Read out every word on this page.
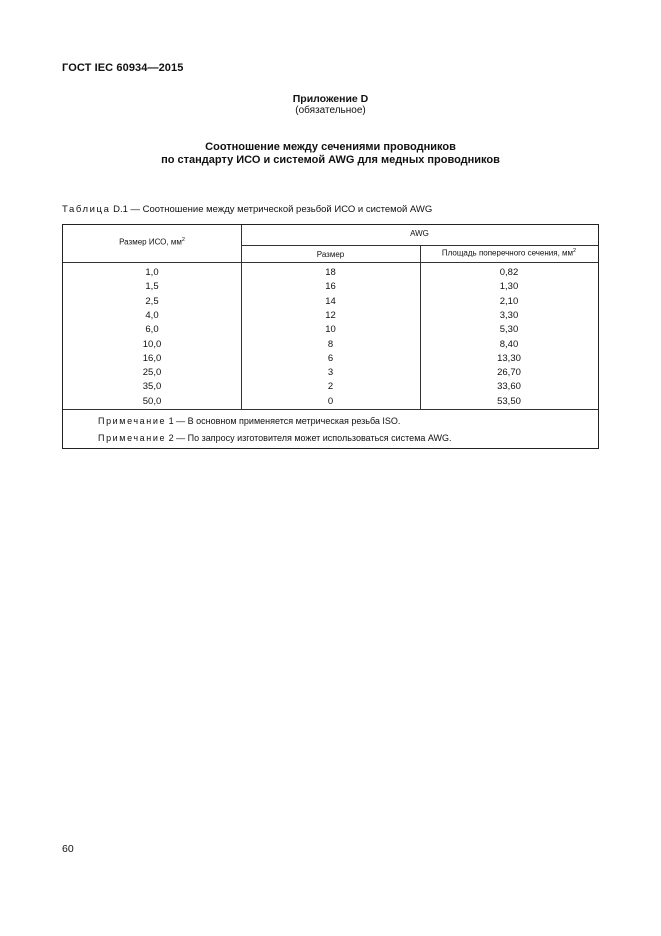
ГОСТ IEC 60934—2015
Приложение D
(обязательное)
Соотношение между сечениями проводников
по стандарту ИСО и системой AWG для медных проводников
Таблица D.1 — Соотношение между метрической резьбой ИСО и системой AWG
Размер ИСО, $мм^2$
AWG
Размер	Площадь поперечного сечения, $мм^2$
1,0	18	0,82
1,5	16	1,30
2,5	14	2,10
4,0	12	3,30
6,0	10	5,30
10,0	8	8,40
16,0	6	13,30
25,0	3	26,70
35,0	2	33,60
50,0	0	53,50
Примечание 1 — В основном применяется метрическая резьба ISO.
Примечание 2 — По запросу изготовителя может использоваться система AWG.
60
